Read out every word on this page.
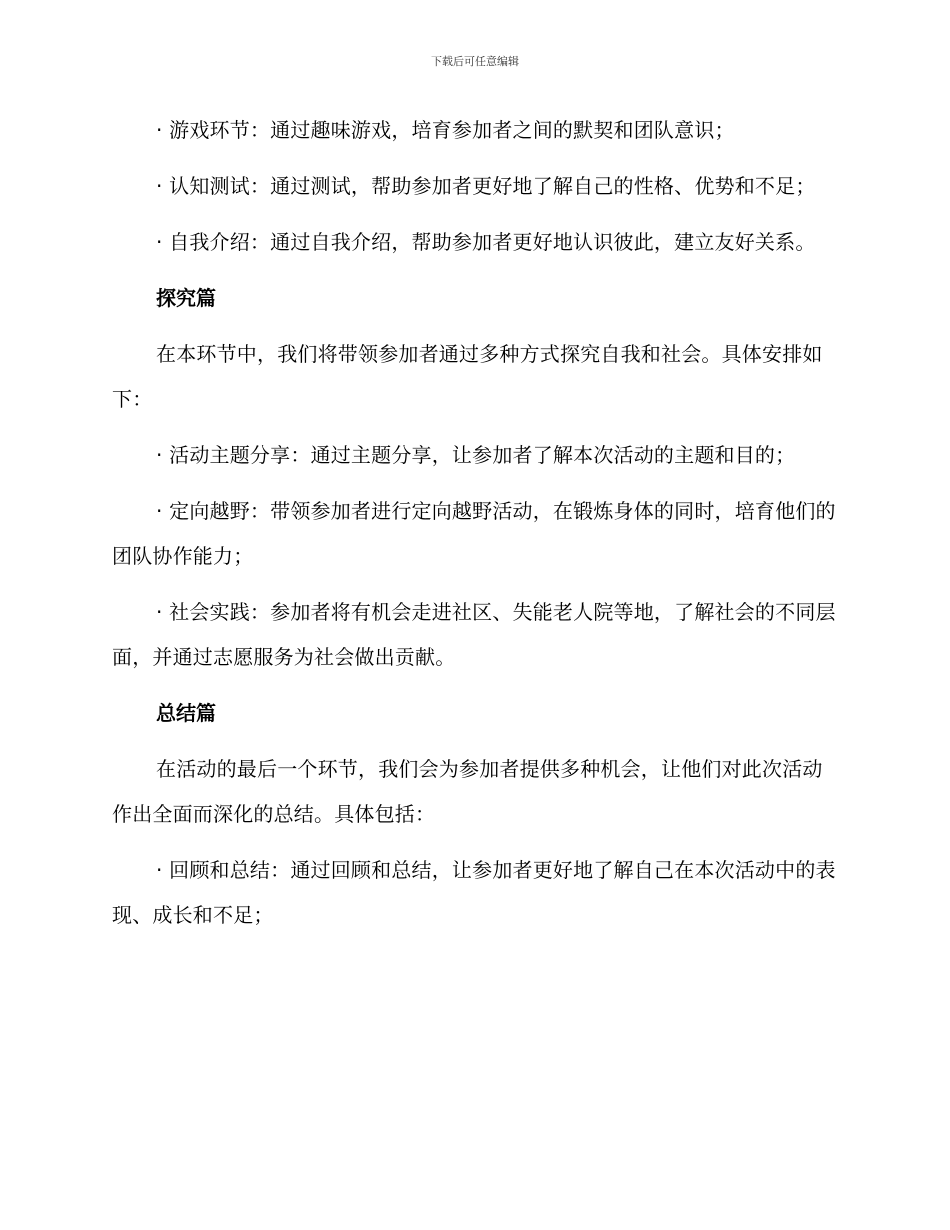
下载后可任意编辑

· 游戏环节：通过趣味游戏，培育参加者之间的默契和团队意识；

· 认知测试：通过测试，帮助参加者更好地了解自己的性格、优势和不足；

· 自我介绍：通过自我介绍，帮助参加者更好地认识彼此，建立友好关系。

探究篇

在本环节中，我们将带领参加者通过多种方式探究自我和社会。具体安排如下：

· 活动主题分享：通过主题分享，让参加者了解本次活动的主题和目的；

· 定向越野：带领参加者进行定向越野活动，在锻炼身体的同时，培育他们的团队协作能力；

· 社会实践：参加者将有机会走进社区、失能老人院等地，了解社会的不同层面，并通过志愿服务为社会做出贡献。

总结篇

在活动的最后一个环节，我们会为参加者提供多种机会，让他们对此次活动作出全面而深化的总结。具体包括：

· 回顾和总结：通过回顾和总结，让参加者更好地了解自己在本次活动中的表现、成长和不足；
